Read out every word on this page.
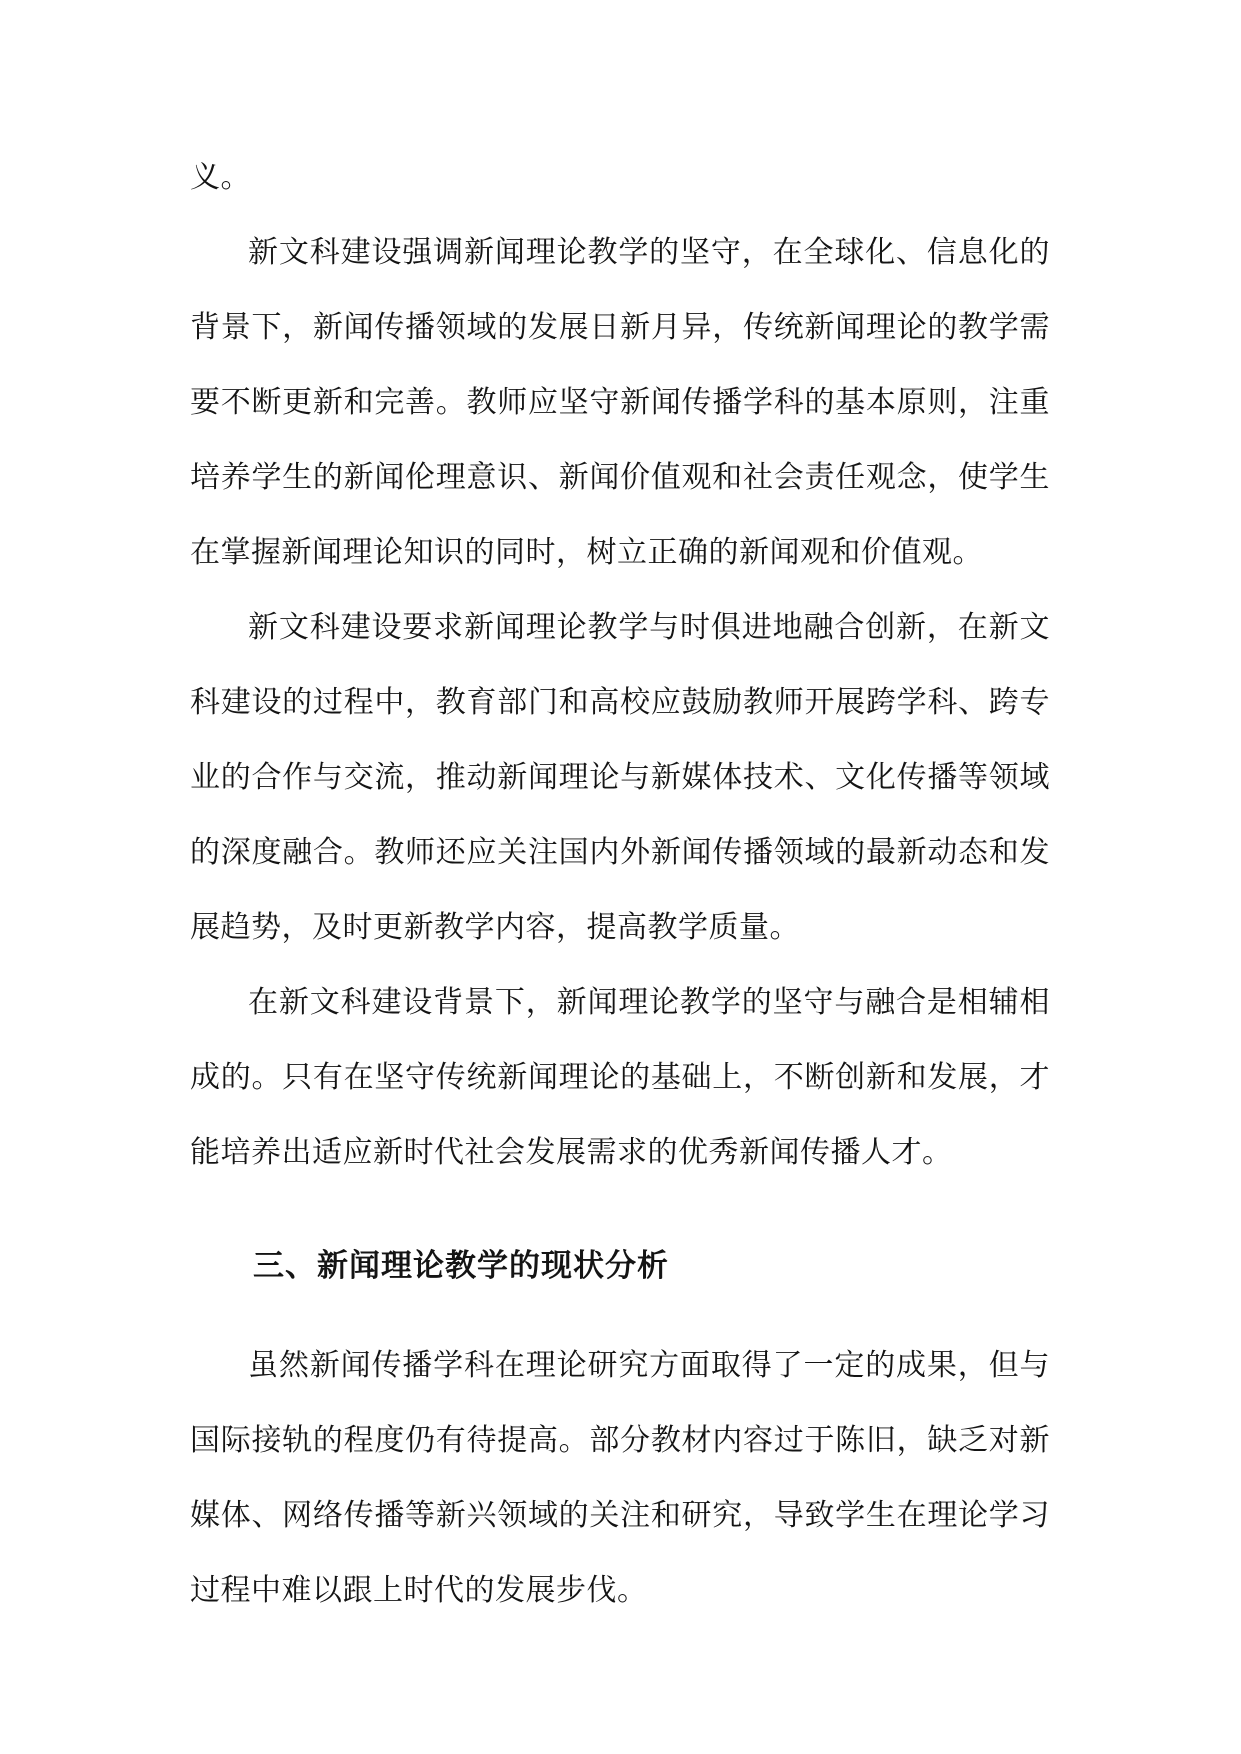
义。

新文科建设强调新闻理论教学的坚守，在全球化、信息化的背景下，新闻传播领域的发展日新月异，传统新闻理论的教学需要不断更新和完善。教师应坚守新闻传播学科的基本原则，注重培养学生的新闻伦理意识、新闻价值观和社会责任观念，使学生在掌握新闻理论知识的同时，树立正确的新闻观和价值观。

新文科建设要求新闻理论教学与时俱进地融合创新，在新文科建设的过程中，教育部门和高校应鼓励教师开展跨学科、跨专业的合作与交流，推动新闻理论与新媒体技术、文化传播等领域的深度融合。教师还应关注国内外新闻传播领域的最新动态和发展趋势，及时更新教学内容，提高教学质量。

在新文科建设背景下，新闻理论教学的坚守与融合是相辅相成的。只有在坚守传统新闻理论的基础上，不断创新和发展，才能培养出适应新时代社会发展需求的优秀新闻传播人才。

三、新闻理论教学的现状分析

虽然新闻传播学科在理论研究方面取得了一定的成果，但与国际接轨的程度仍有待提高。部分教材内容过于陈旧，缺乏对新媒体、网络传播等新兴领域的关注和研究，导致学生在理论学习过程中难以跟上时代的发展步伐。
